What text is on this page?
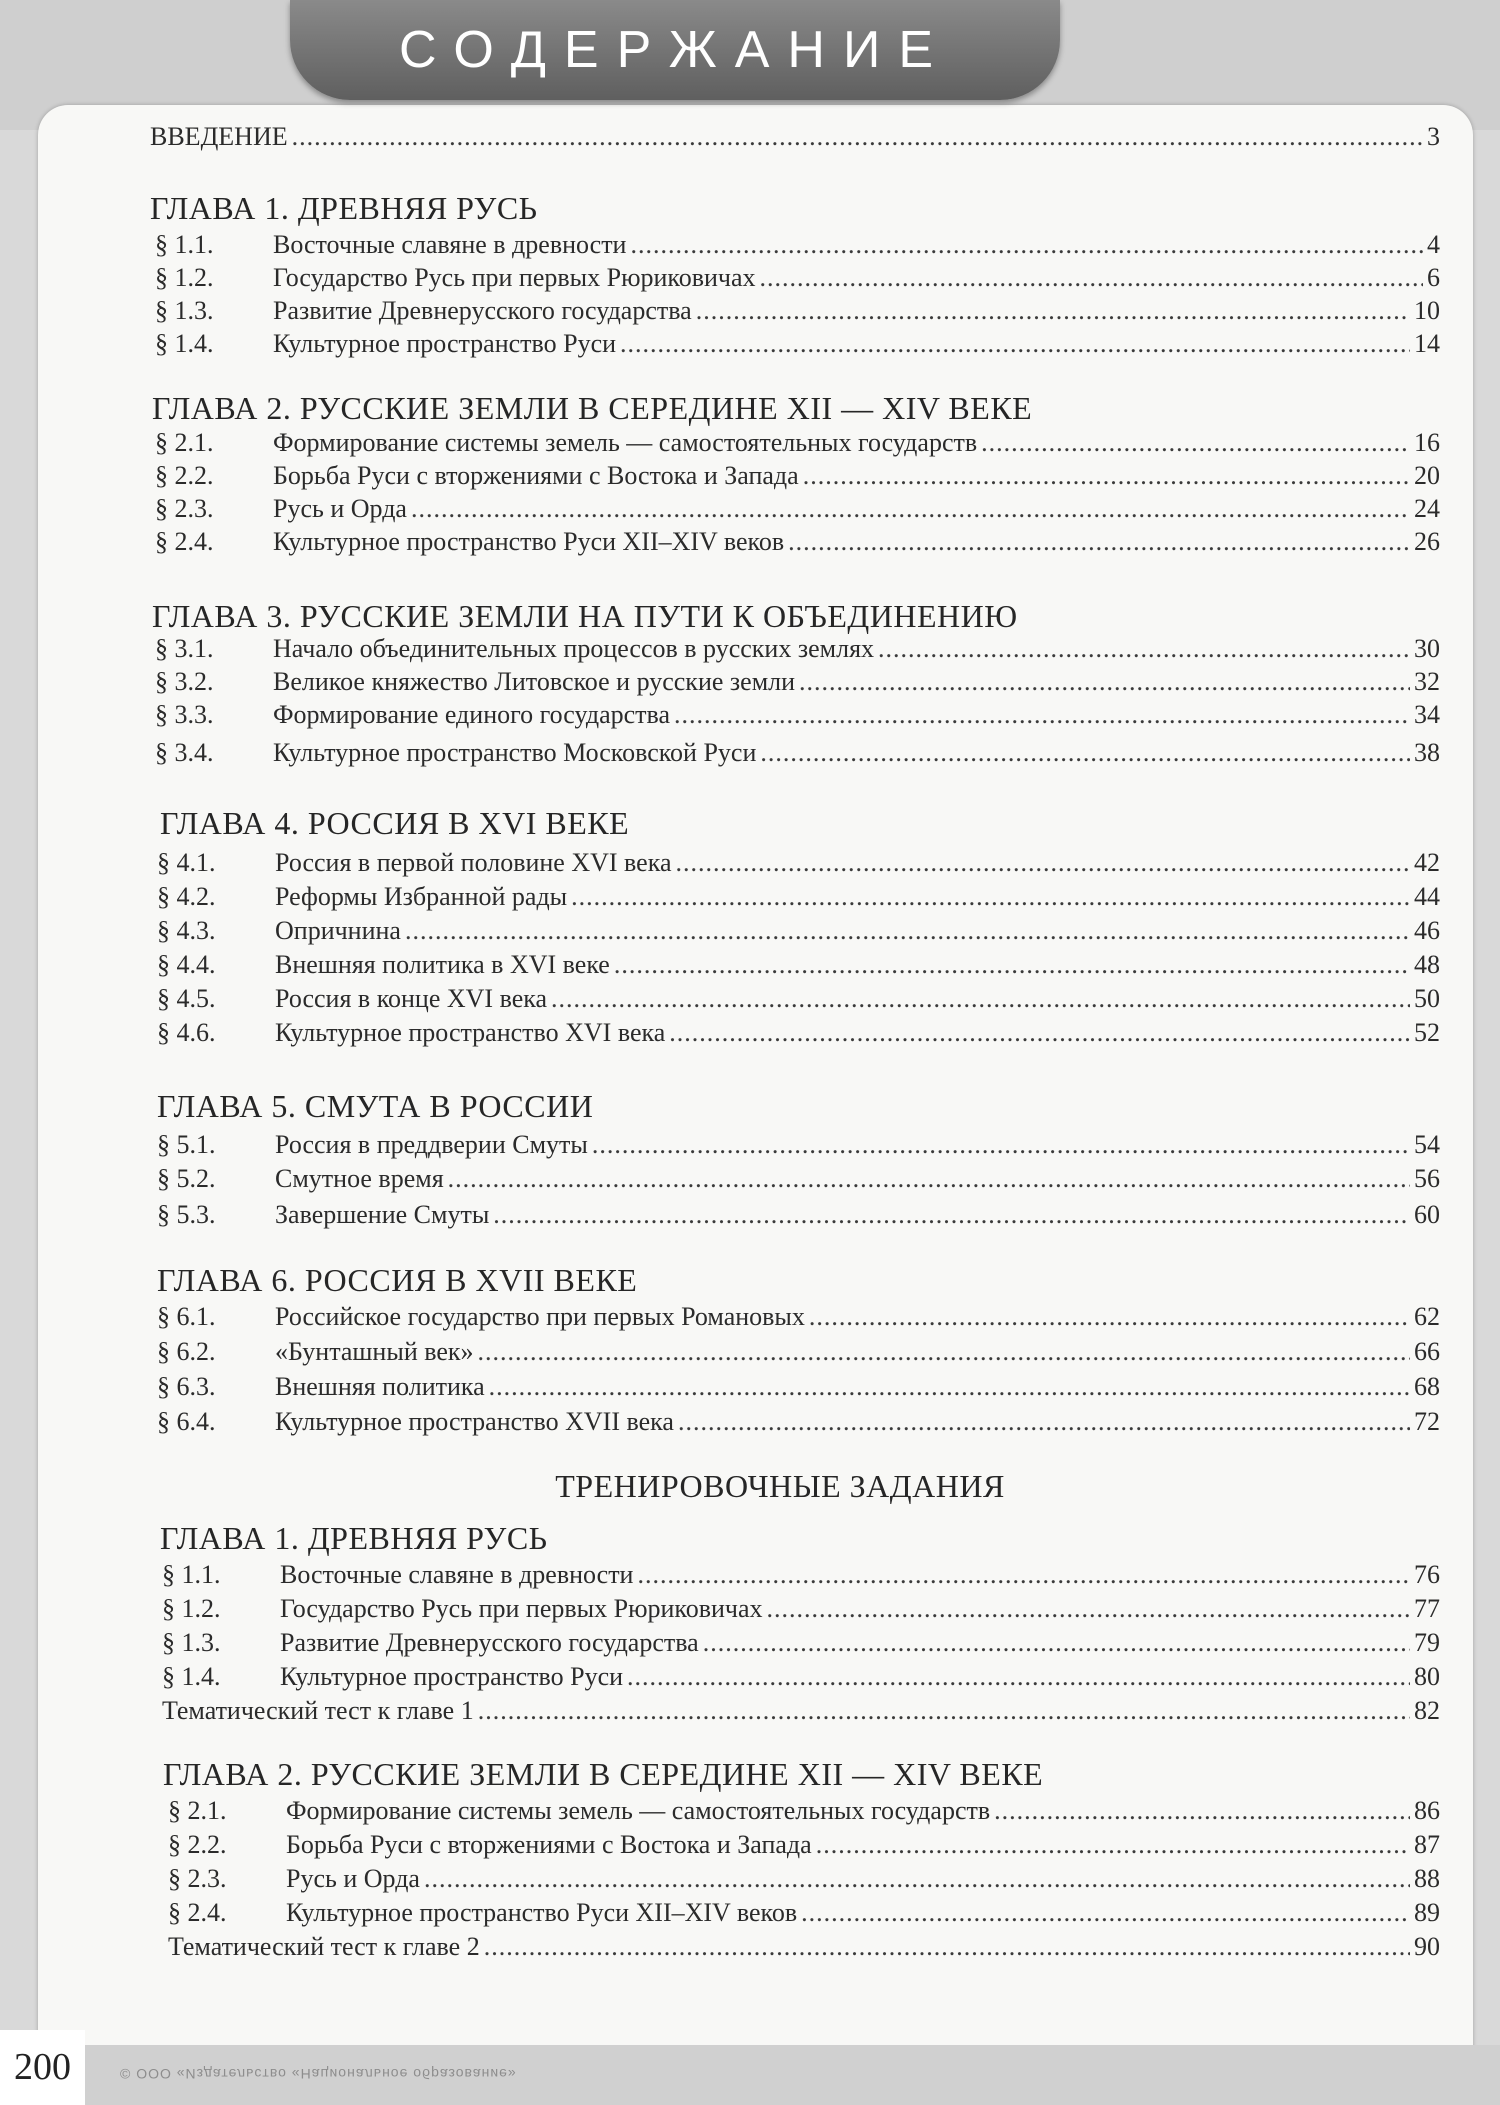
СОДЕРЖАНИЕ
ВВЕДЕНИЕ .....	3
ГЛАВА 1. ДРЕВНЯЯ РУСЬ
§ 1.1.	Восточные славяне в древности .....	4
§ 1.2.	Государство Русь при первых Рюриковичах .....	6
§ 1.3.	Развитие Древнерусского государства .....	10
§ 1.4.	Культурное пространство Руси .....	14
ГЛАВА 2. РУССКИЕ ЗЕМЛИ В СЕРЕДИНЕ XII — XIV ВЕКЕ
§ 2.1.	Формирование системы земель — самостоятельных государств .....	16
§ 2.2.	Борьба Руси с вторжениями с Востока и Запада .....	20
§ 2.3.	Русь и Орда .....	24
§ 2.4.	Культурное пространство Руси XII–XIV веков .....	26
ГЛАВА 3. РУССКИЕ ЗЕМЛИ НА ПУТИ К ОБЪЕДИНЕНИЮ
§ 3.1.	Начало объединительных процессов в русских землях .....	30
§ 3.2.	Великое княжество Литовское и русские земли .....	32
§ 3.3.	Формирование единого государства .....	34
§ 3.4.	Культурное пространство Московской Руси .....	38
ГЛАВА 4. РОССИЯ В XVI ВЕКЕ
§ 4.1.	Россия в первой половине XVI века .....	42
§ 4.2.	Реформы Избранной рады .....	44
§ 4.3.	Опричнина .....	46
§ 4.4.	Внешняя политика в XVI веке .....	48
§ 4.5.	Россия в конце XVI века .....	50
§ 4.6.	Культурное пространство XVI века .....	52
ГЛАВА 5. СМУТА В РОССИИ
§ 5.1.	Россия в преддверии Смуты .....	54
§ 5.2.	Смутное время .....	56
§ 5.3.	Завершение Смуты .....	60
ГЛАВА 6. РОССИЯ В XVII ВЕКЕ
§ 6.1.	Российское государство при первых Романовых .....	62
§ 6.2.	«Бунташный век» .....	66
§ 6.3.	Внешняя политика .....	68
§ 6.4.	Культурное пространство XVII века .....	72
ТРЕНИРОВОЧНЫЕ ЗАДАНИЯ
ГЛАВА 1. ДРЕВНЯЯ РУСЬ
§ 1.1.	Восточные славяне в древности .....	76
§ 1.2.	Государство Русь при первых Рюриковичах .....	77
§ 1.3.	Развитие Древнерусского государства .....	79
§ 1.4.	Культурное пространство Руси .....	80
Тематический тест к главе 1 .....	82
ГЛАВА 2. РУССКИЕ ЗЕМЛИ В СЕРЕДИНЕ XII — XIV ВЕКЕ
§ 2.1.	Формирование системы земель — самостоятельных государств .....	86
§ 2.2.	Борьба Руси с вторжениями с Востока и Запада .....	87
§ 2.3.	Русь и Орда .....	88
§ 2.4.	Культурное пространство Руси XII–XIV веков .....	89
Тематический тест к главе 2 .....	90
© ООО «Издательство «Национальное образование»
200
